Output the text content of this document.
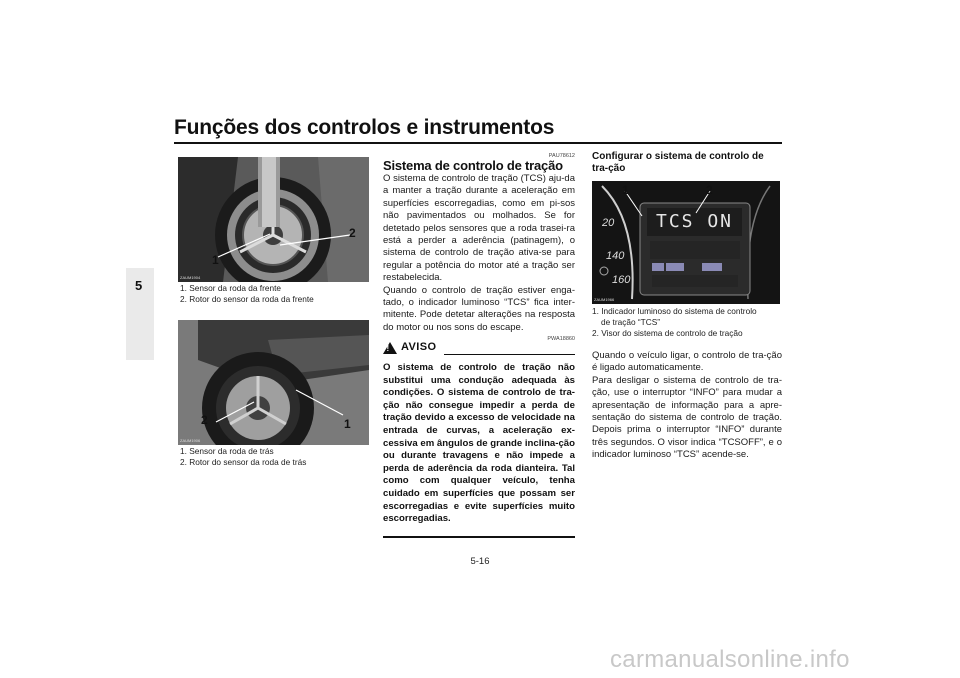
Funções dos controlos e instrumentos
5
ZAUM1904
1
2
1. Sensor da roda da frente
2. Rotor do sensor da roda da frente
ZAUM1906
2	1
1. Sensor da roda de trás
2. Rotor do sensor da roda de trás
PAU78612
Sistema de controlo de tração
O sistema de controlo de tração (TCS) aju-da a manter a tração durante a aceleração em superfícies escorregadias, como em pi-sos não pavimentados ou molhados. Se for detetado pelos sensores que a roda trasei-ra está a perder a aderência (patinagem), o sistema de controlo de tração ativa-se para regular a potência do motor até a tração ser restabelecida.
Quando o controlo de tração estiver enga-tado, o indicador luminoso “TCS” fica inter-mitente. Pode detetar alterações na resposta do motor ou nos sons do escape.
PWA18860
! AVISO
O sistema de controlo de tração não substitui uma condução adequada às condições. O sistema de controlo de tra-ção não consegue impedir a perda de tração devido a excesso de velocidade na entrada de curvas, a aceleração ex-cessiva em ângulos de grande inclina-ção ou durante travagens e não impede a perda de aderência da roda dianteira. Tal como com qualquer veículo, tenha cuidado em superfícies que possam ser escorregadias e evite superfícies muito escorregadias.
Configurar o sistema de controlo de tra-ção
20
140
160
TCS ON
ZAUM1966
1	2
1. Indicador luminoso do sistema de controlo
de tração “TCS”
2. Visor do sistema de controlo de tração
Quando o veículo ligar, o controlo de tra-ção é ligado automaticamente.
Para desligar o sistema de controlo de tra-ção, use o interruptor “INFO” para mudar a apresentação de informação para a apre-sentação do sistema de controlo de tração. Depois prima o interruptor “INFO” durante três segundos. O visor indica “TCSOFF”, e o indicador luminoso “TCS” acende-se.
5-16
carmanualsonline.info
